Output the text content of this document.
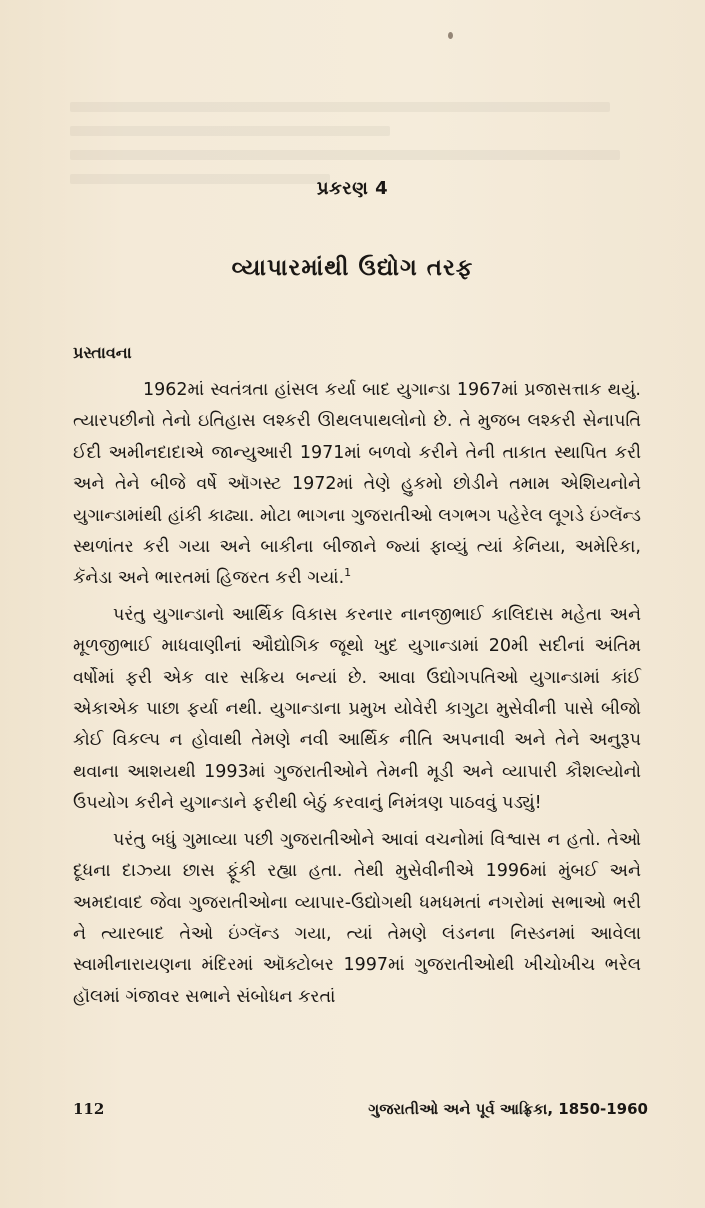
પ્રકરણ 4
વ્યાપારમાંથી ઉદ્યોગ તરફ
પ્રસ્તાવના

1962માં સ્વતંત્રતા હાંસલ કર્યા બાદ યુગાન્ડા 1967માં પ્રજાસત્તાક થયું. ત્યારપછીનો તેનો ઇતિહાસ લશ્કરી ઊથલપાથલોનો છે. તે મુજબ લશ્કરી સેનાપતિ ઈદી અમીનદાદાએ જાન્યુઆરી 1971માં બળવો કરીને તેની તાકાત સ્થાપિત કરી અને તેને બીજે વર્ષે ઑગસ્ટ 1972માં તેણે હુકમો છોડીને તમામ એશિયનોને યુગાન્ડામાંથી હાંકી કાઢ્યા. મોટા ભાગના ગુજરાતીઓ લગભગ પહેરેલ લૂગડે ઇંગ્લૅન્ડ સ્થળાંતર કરી ગયા અને બાકીના બીજાને જ્યાં ફાવ્યું ત્યાં કેનિયા, અમેરિકા, કૅનેડા અને ભારતમાં હિજરત કરી ગયાં.$^1$

પરંતુ યુગાન્ડાનો આર્થિક વિકાસ કરનાર નાનજીભાઈ કાલિદાસ મહેતા અને મૂળજીભાઈ માધવાણીનાં ઔદ્યોગિક જૂથો ખુદ યુગાન્ડામાં 20મી સદીનાં અંતિમ વર્ષોમાં ફરી એક વાર સક્રિય બન્યાં છે. આવા ઉદ્યોગપતિઓ યુગાન્ડામાં કાંઈ એકાએક પાછા ફર્યા નથી. યુગાન્ડાના પ્રમુખ યોવેરી કાગુટા મુસેવીની પાસે બીજો કોઈ વિકલ્પ ન હોવાથી તેમણે નવી આર્થિક નીતિ અપનાવી અને તેને અનુરૂપ થવાના આશયથી 1993માં ગુજરાતીઓને તેમની મૂડી અને વ્યાપારી કૌશલ્યોનો ઉપયોગ કરીને યુગાન્ડાને ફરીથી બેઠું કરવાનું નિમંત્રણ પાઠવવું પડ્યું!

પરંતુ બધું ગુમાવ્યા પછી ગુજરાતીઓને આવાં વચનોમાં વિશ્વાસ ન હતો. તેઓ દૂધના દાઝ્યા છાસ ફૂંકી રહ્યા હતા. તેથી મુસેવીનીએ 1996માં મુંબઈ અને અમદાવાદ જેવા ગુજરાતીઓના વ્યાપાર-ઉદ્યોગથી ધમધમતાં નગરોમાં સભાઓ ભરી ને ત્યારબાદ તેઓ ઇંગ્લૅન્ડ ગયા, ત્યાં તેમણે લંડનના નિસ્ડનમાં આવેલા સ્વામીનારાયણના મંદિરમાં ઑક્ટોબર 1997માં ગુજરાતીઓથી ખીચોખીચ ભરેલ હૉલમાં ગંજાવર સભાને સંબોધન કરતાં

112	ગુજરાતીઓ અને પૂર્વ આફ્રિકા, 1850-1960
